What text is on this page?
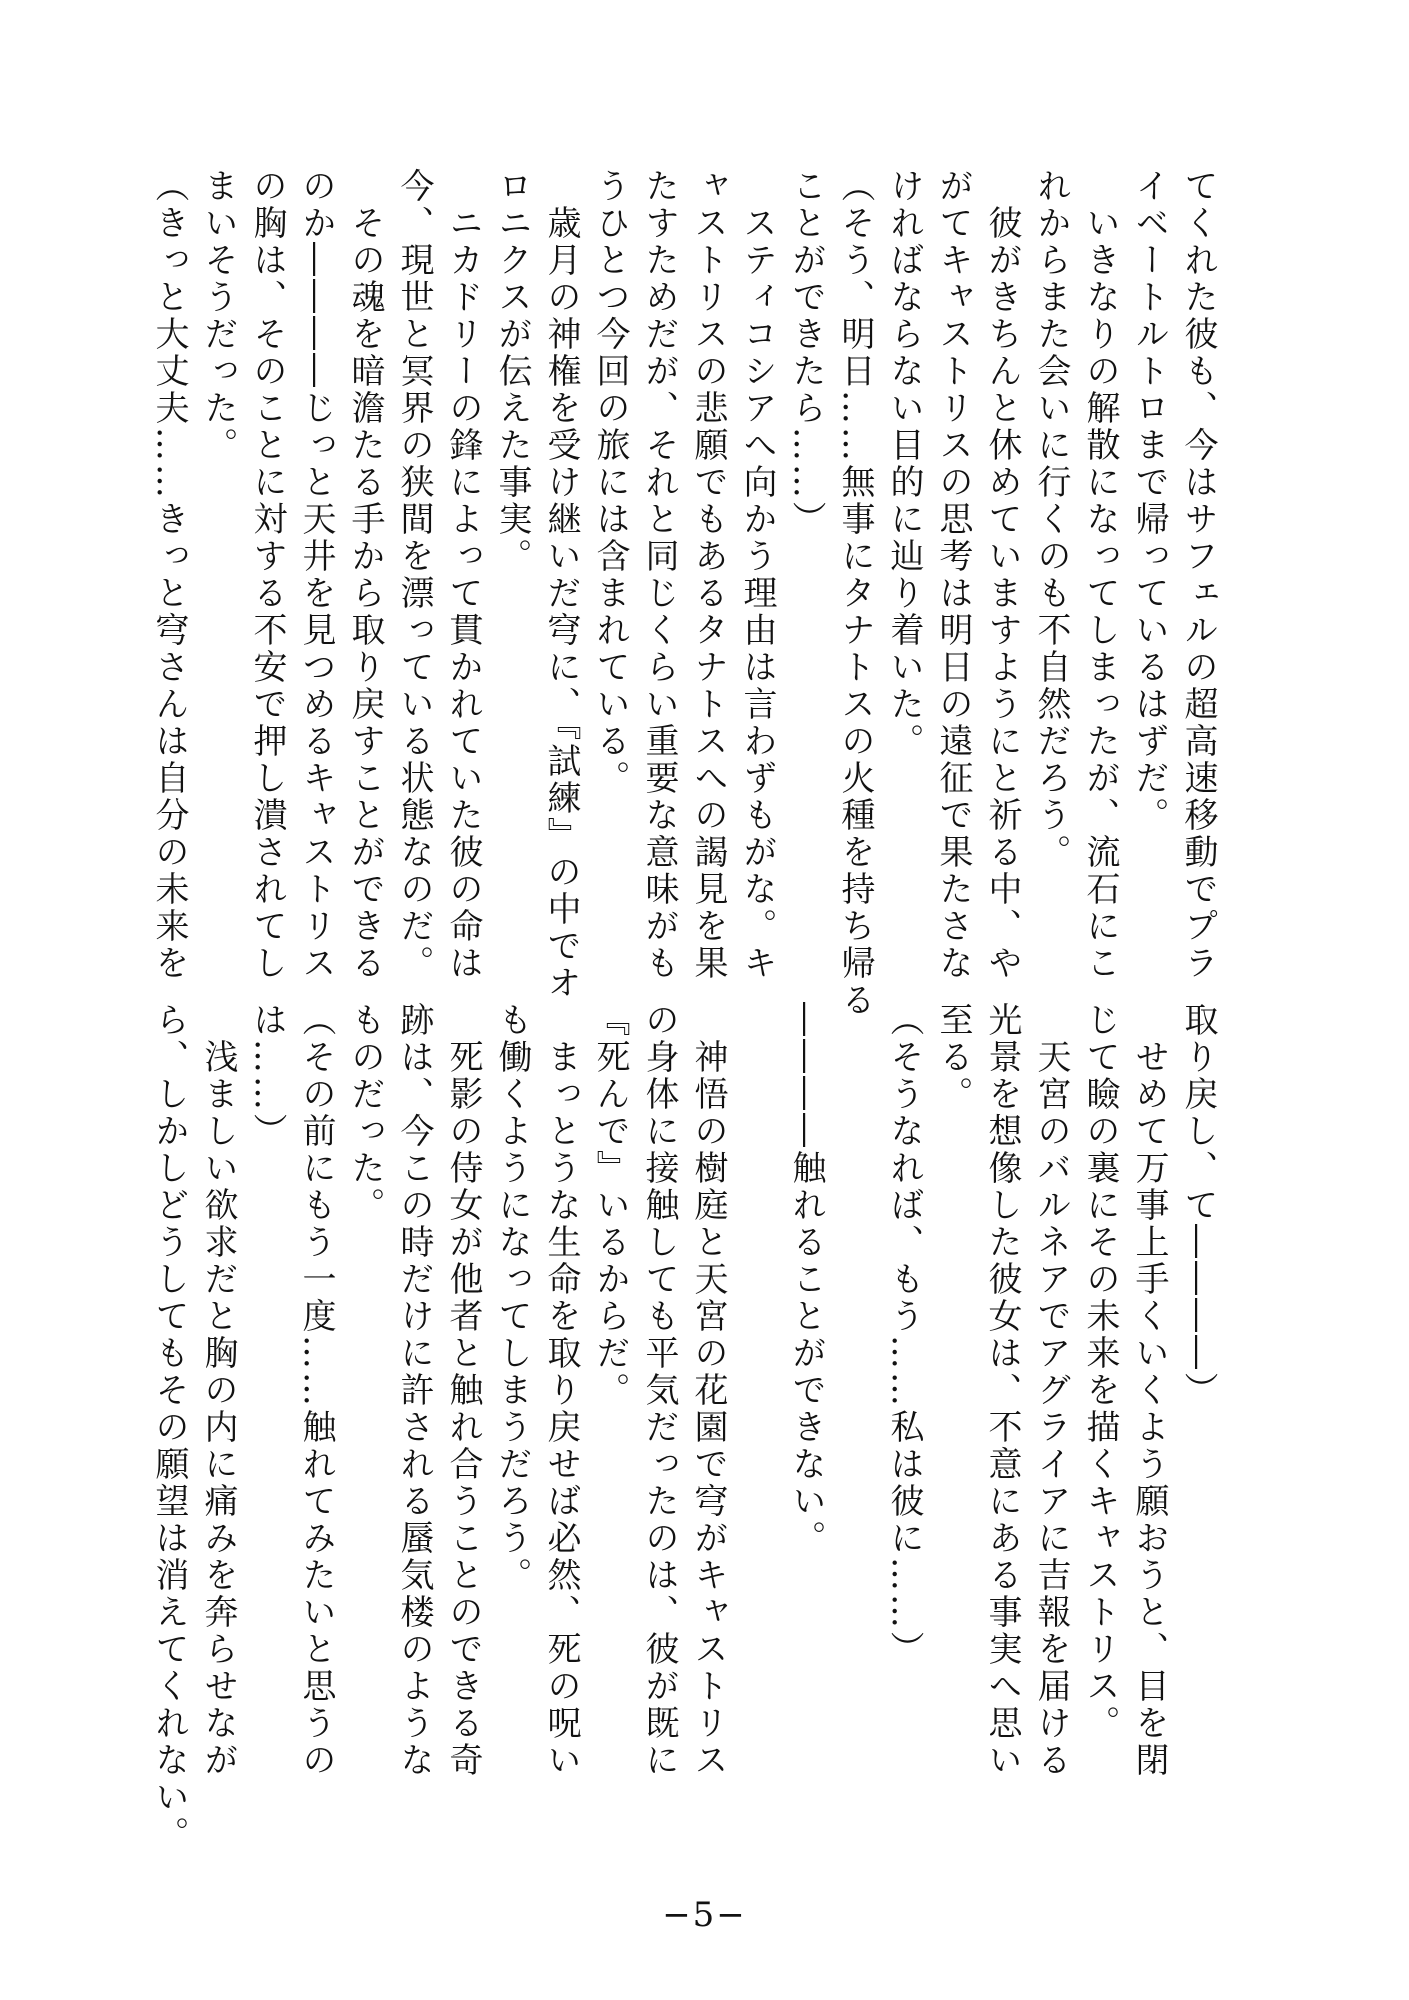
てくれた彼も、今はサフェルの超高速移動でプラ
イベートルトロまで帰っているはずだ。
　いきなりの解散になってしまったが、流石にこ
れからまた会いに行くのも不自然だろう。
　彼がきちんと休めていますようにと祈る中、や
がてキャストリスの思考は明日の遠征で果たさな
ければならない目的に辿り着いた。
（そう、明日……無事にタナトスの火種を持ち帰る
ことができたら……）
　スティコシアへ向かう理由は言わずもがな。キ
ャストリスの悲願でもあるタナトスへの謁見を果
たすためだが、それと同じくらい重要な意味がも
うひとつ今回の旅には含まれている。
　歳月の神権を受け継いだ穹に、『試練』の中でオ
ロニクスが伝えた事実。
　ニカドリーの鋒によって貫かれていた彼の命は
今、現世と冥界の狭間を漂っている状態なのだ。
　その魂を暗澹たる手から取り戻すことができる
のか――――じっと天井を見つめるキャストリス
の胸は、そのことに対する不安で押し潰されてし
まいそうだった。
（きっと大丈夫……きっと穹さんは自分の未来を
取り戻し、て――――）
　せめて万事上手くいくよう願おうと、目を閉
じて瞼の裏にその未来を描くキャストリス。
　天宮のバルネアでアグライアに吉報を届ける
光景を想像した彼女は、不意にある事実へ思い
至る。
（そうなれば、もう……私は彼に……）

――――触れることができない。

　神悟の樹庭と天宮の花園で穹がキャストリス
の身体に接触しても平気だったのは、彼が既に
『死んで』いるからだ。
　まっとうな生命を取り戻せば必然、死の呪い
も働くようになってしまうだろう。
　死影の侍女が他者と触れ合うことのできる奇
跡は、今この時だけに許される蜃気楼のような
ものだった。
（その前にもう一度……触れてみたいと思うの
は……）
　浅ましい欲求だと胸の内に痛みを奔らせなが
ら、しかしどうしてもその願望は消えてくれない。
−5−
